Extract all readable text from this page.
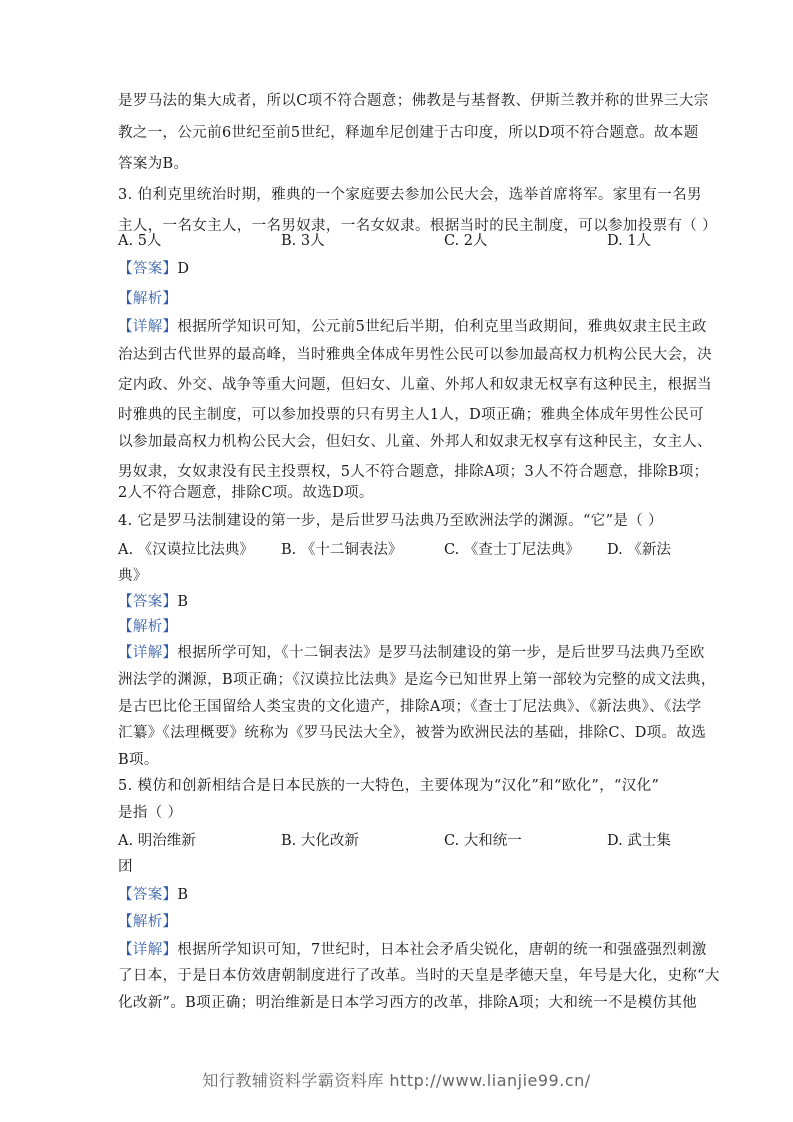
是罗马法的集大成者，所以C项不符合题意；佛教是与基督教、伊斯兰教并称的世界三大宗
教之一，公元前6世纪至前5世纪，释迦牟尼创建于古印度，所以D项不符合题意。故本题
答案为B。
3. 伯利克里统治时期，雅典的一个家庭要去参加公民大会，选举首席将军。家里有一名男
主人，一名女主人，一名男奴隶，一名女奴隶。根据当时的民主制度，可以参加投票有（ ）
A. 5人	B. 3人	C. 2人	D. 1人
【答案】D
【解析】
【详解】根据所学知识可知，公元前5世纪后半期，伯利克里当政期间，雅典奴隶主民主政
治达到古代世界的最高峰，当时雅典全体成年男性公民可以参加最高权力机构公民大会，决
定内政、外交、战争等重大问题，但妇女、儿童、外邦人和奴隶无权享有这种民主，根据当
时雅典的民主制度，可以参加投票的只有男主人1人，D项正确；雅典全体成年男性公民可
以参加最高权力机构公民大会，但妇女、儿童、外邦人和奴隶无权享有这种民主，女主人、
男奴隶，女奴隶没有民主投票权，5人不符合题意，排除A项；3人不符合题意，排除B项；
2人不符合题意，排除C项。故选D项。
4. 它是罗马法制建设的第一步，是后世罗马法典乃至欧洲法学的渊源。“它”是（ ）
A. 《汉谟拉比法典》 B. 《十二铜表法》	C. 《查士丁尼法典》 D. 《新法
典》
【答案】B
【解析】
【详解】根据所学可知，《十二铜表法》是罗马法制建设的第一步，是后世罗马法典乃至欧
洲法学的渊源，B项正确；《汉谟拉比法典》是迄今已知世界上第一部较为完整的成文法典，
是古巴比伦王国留给人类宝贵的文化遗产，排除A项；《查士丁尼法典》、《新法典》、《法学
汇纂》《法理概要》统称为《罗马民法大全》，被誉为欧洲民法的基础，排除C、D项。故选
B项。
5. 模仿和创新相结合是日本民族的一大特色，主要体现为“汉化”和“欧化”，“汉化”
是指（ ）
A. 明治维新	B. 大化改新	C. 大和统一	D. 武士集
团
【答案】B
【解析】
【详解】根据所学知识可知，7世纪时，日本社会矛盾尖锐化，唐朝的统一和强盛强烈刺激
了日本，于是日本仿效唐朝制度进行了改革。当时的天皇是孝德天皇，年号是大化，史称“大
化改新”。B项正确；明治维新是日本学习西方的改革，排除A项；大和统一不是模仿其他
知行教辅资料学霸资料库 http://www.lianjie99.cn/
